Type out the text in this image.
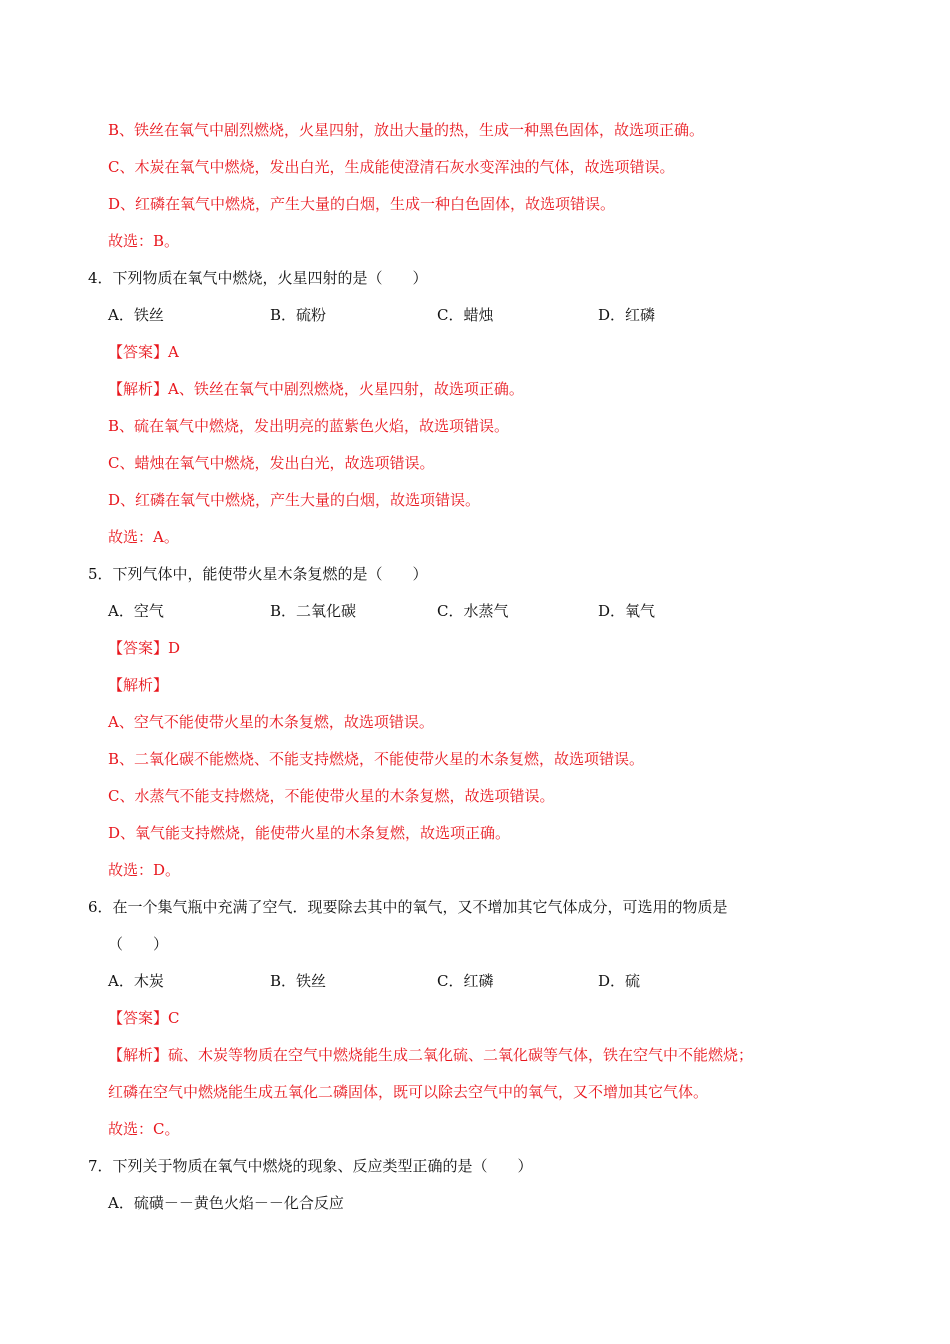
B、铁丝在氧气中剧烈燃烧，火星四射，放出大量的热，生成一种黑色固体，故选项正确。
C、木炭在氧气中燃烧，发出白光，生成能使澄清石灰水变浑浊的气体，故选项错误。
D、红磷在氧气中燃烧，产生大量的白烟，生成一种白色固体，故选项错误。
故选：B。
4．下列物质在氧气中燃烧，火星四射的是（　　）
A．铁丝	B．硫粉	C．蜡烛	D．红磷
【答案】A
【解析】A、铁丝在氧气中剧烈燃烧，火星四射，故选项正确。
B、硫在氧气中燃烧，发出明亮的蓝紫色火焰，故选项错误。
C、蜡烛在氧气中燃烧，发出白光，故选项错误。
D、红磷在氧气中燃烧，产生大量的白烟，故选项错误。
故选：A。
5．下列气体中，能使带火星木条复燃的是（　　）
A．空气	B．二氧化碳	C．水蒸气	D．氧气
【答案】D
【解析】
A、空气不能使带火星的木条复燃，故选项错误。
B、二氧化碳不能燃烧、不能支持燃烧，不能使带火星的木条复燃，故选项错误。
C、水蒸气不能支持燃烧，不能使带火星的木条复燃，故选项错误。
D、氧气能支持燃烧，能使带火星的木条复燃，故选项正确。
故选：D。
6．在一个集气瓶中充满了空气．现要除去其中的氧气，又不增加其它气体成分，可选用的物质是
（　　）
A．木炭	B．铁丝	C．红磷	D．硫
【答案】C
【解析】硫、木炭等物质在空气中燃烧能生成二氧化硫、二氧化碳等气体，铁在空气中不能燃烧；
红磷在空气中燃烧能生成五氧化二磷固体，既可以除去空气中的氧气，又不增加其它气体。
故选：C。
7．下列关于物质在氧气中燃烧的现象、反应类型正确的是（　　）
A．硫磺－－黄色火焰－－化合反应
